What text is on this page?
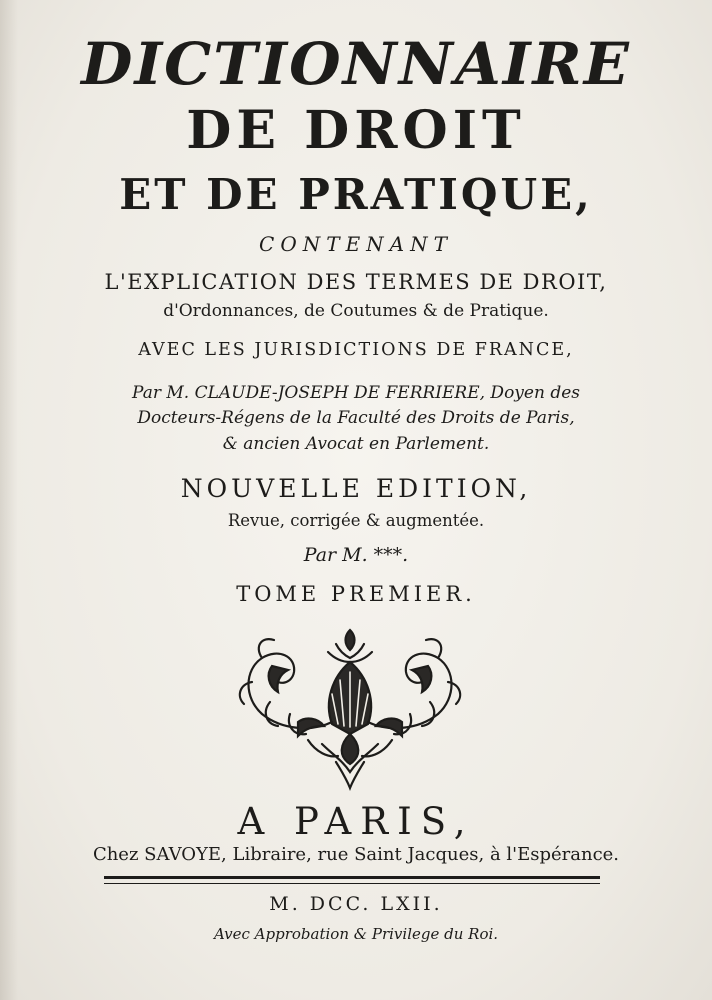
DICTIONNAIRE
DE DROIT
ET DE PRATIQUE,
CONTENANT
L'EXPLICATION DES TERMES DE DROIT,
d'Ordonnances, de Coutumes & de Pratique.
AVEC LES JURISDICTIONS DE FRANCE,
Par M. CLAUDE-JOSEPH DE FERRIERE, Doyen des
Docteurs-Régens de la Faculté des Droits de Paris,
& ancien Avocat en Parlement.
NOUVELLE EDITION,
Revue, corrigée & augmentée.
Par M. ***.
TOME PREMIER.
A PARIS,
Chez SAVOYE, Libraire, rue Saint Jacques, à l'Espérance.
M. DCC. LXII.
Avec Approbation & Privilege du Roi.
